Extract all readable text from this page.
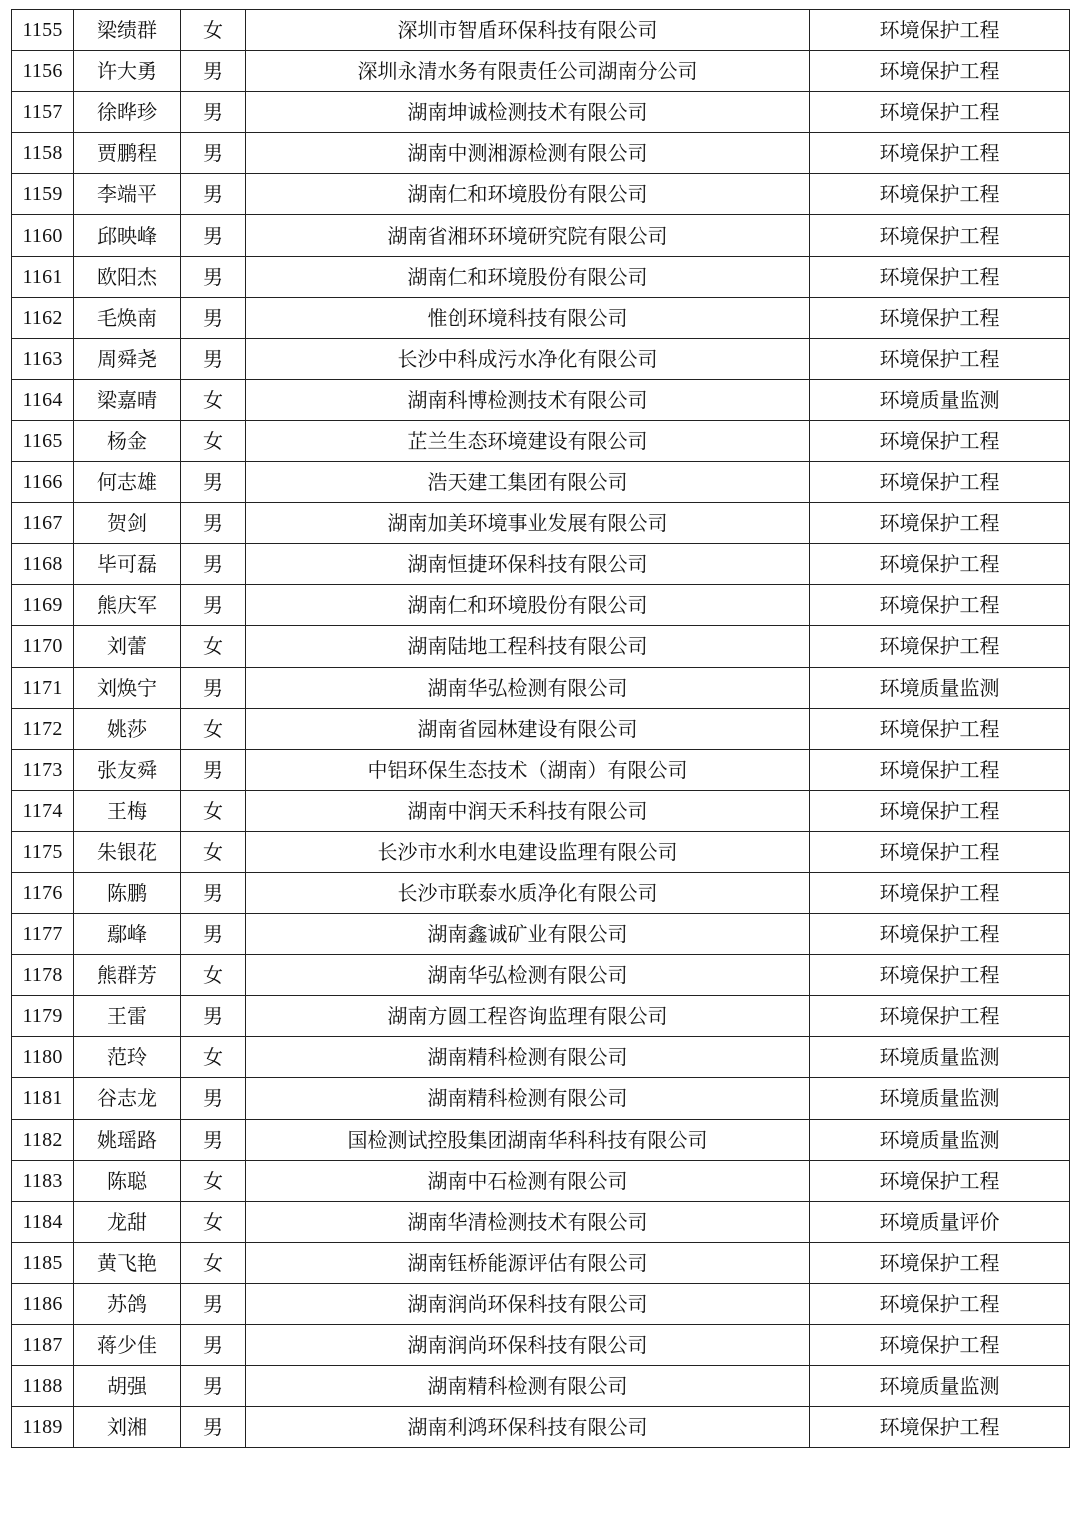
1155	梁绩群	女	深圳市智盾环保科技有限公司	环境保护工程
1156	许大勇	男	深圳永清水务有限责任公司湖南分公司	环境保护工程
1157	徐晔珍	男	湖南坤诚检测技术有限公司	环境保护工程
1158	贾鹏程	男	湖南中测湘源检测有限公司	环境保护工程
1159	李端平	男	湖南仁和环境股份有限公司	环境保护工程
1160	邱映峰	男	湖南省湘环环境研究院有限公司	环境保护工程
1161	欧阳杰	男	湖南仁和环境股份有限公司	环境保护工程
1162	毛焕南	男	惟创环境科技有限公司	环境保护工程
1163	周舜尧	男	长沙中科成污水净化有限公司	环境保护工程
1164	梁嘉晴	女	湖南科博检测技术有限公司	环境质量监测
1165	杨金	女	芷兰生态环境建设有限公司	环境保护工程
1166	何志雄	男	浩天建工集团有限公司	环境保护工程
1167	贺剑	男	湖南加美环境事业发展有限公司	环境保护工程
1168	毕可磊	男	湖南恒捷环保科技有限公司	环境保护工程
1169	熊庆军	男	湖南仁和环境股份有限公司	环境保护工程
1170	刘蕾	女	湖南陆地工程科技有限公司	环境保护工程
1171	刘焕宁	男	湖南华弘检测有限公司	环境质量监测
1172	姚莎	女	湖南省园林建设有限公司	环境保护工程
1173	张友舜	男	中铝环保生态技术（湖南）有限公司	环境保护工程
1174	王梅	女	湖南中润天禾科技有限公司	环境保护工程
1175	朱银花	女	长沙市水利水电建设监理有限公司	环境保护工程
1176	陈鹏	男	长沙市联泰水质净化有限公司	环境保护工程
1177	鄢峰	男	湖南鑫诚矿业有限公司	环境保护工程
1178	熊群芳	女	湖南华弘检测有限公司	环境保护工程
1179	王雷	男	湖南方圆工程咨询监理有限公司	环境保护工程
1180	范玲	女	湖南精科检测有限公司	环境质量监测
1181	谷志龙	男	湖南精科检测有限公司	环境质量监测
1182	姚瑶路	男	国检测试控股集团湖南华科科技有限公司	环境质量监测
1183	陈聪	女	湖南中石检测有限公司	环境保护工程
1184	龙甜	女	湖南华清检测技术有限公司	环境质量评价
1185	黄飞艳	女	湖南钰桥能源评估有限公司	环境保护工程
1186	苏鸽	男	湖南润尚环保科技有限公司	环境保护工程
1187	蒋少佳	男	湖南润尚环保科技有限公司	环境保护工程
1188	胡强	男	湖南精科检测有限公司	环境质量监测
1189	刘湘	男	湖南利鸿环保科技有限公司	环境保护工程
